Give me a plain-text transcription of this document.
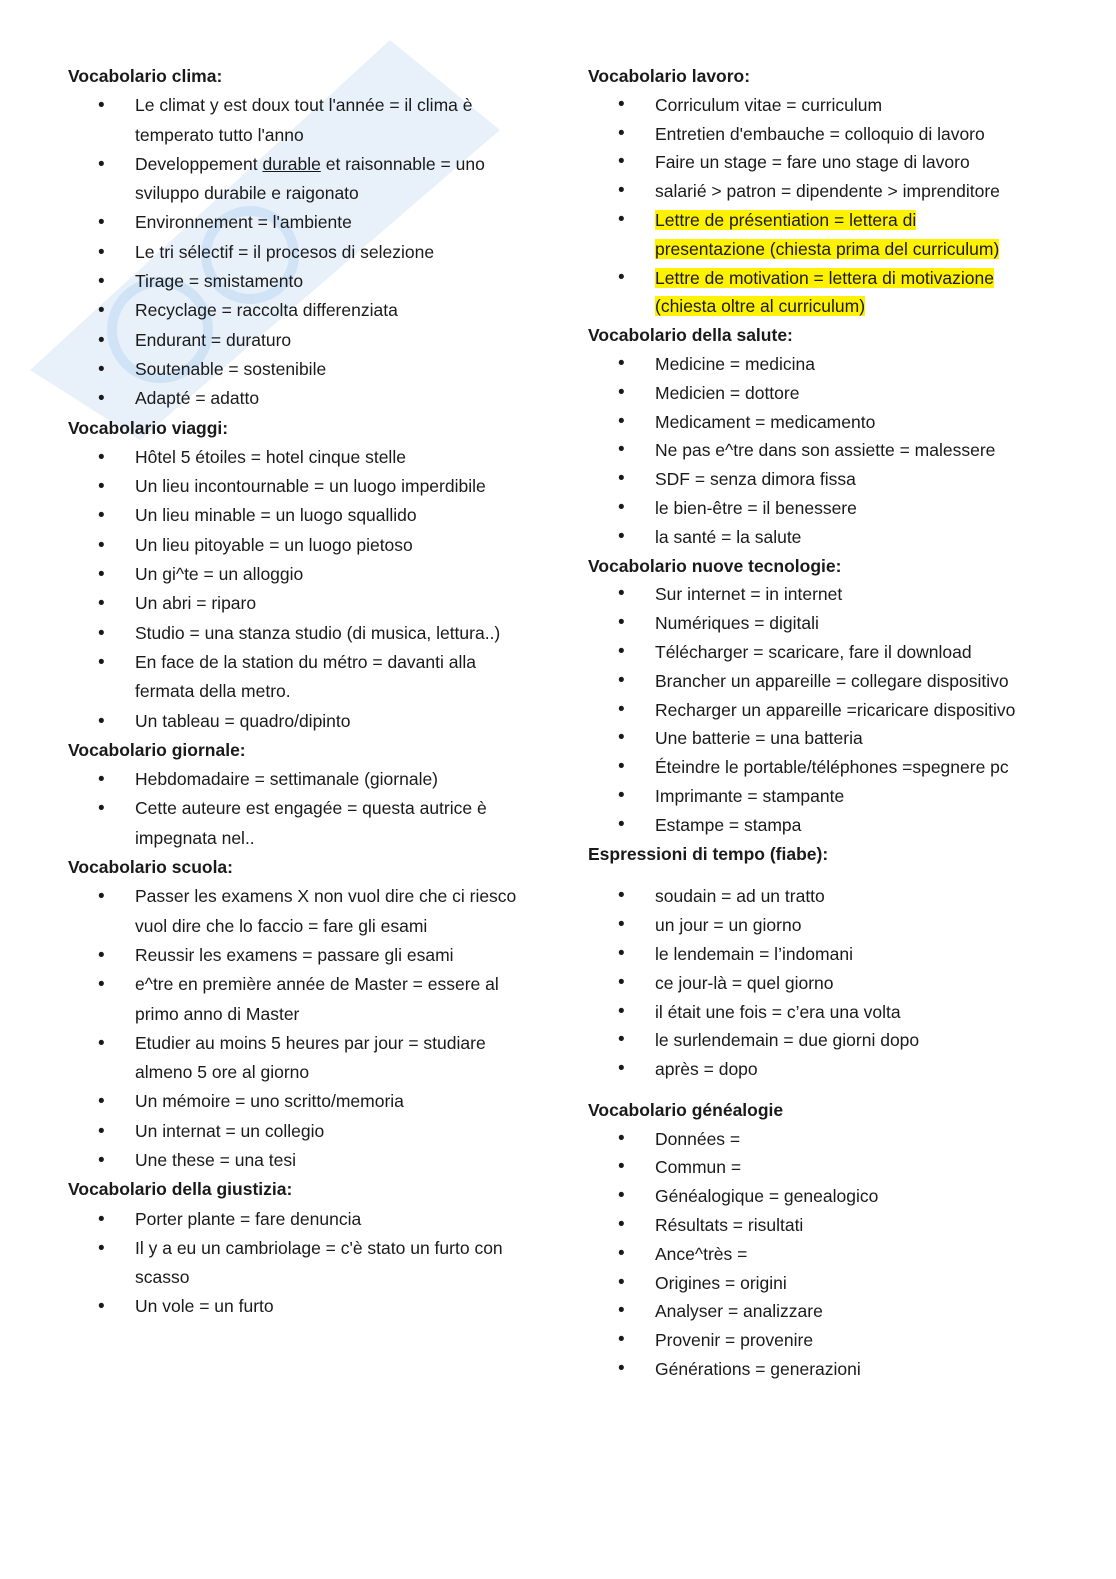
Vocabolario clima:

• Le climat y est doux tout l'année = il clima è temperato tutto l'anno
• Developpement durable et raisonnable = uno sviluppo durabile e raigonato
• Environnement = l'ambiente
• Le tri sélectif = il procesos di selezione
• Tirage = smistamento
• Recyclage = raccolta differenziata
• Endurant = duraturo
• Soutenable = sostenibile
• Adapté = adatto

Vocabolario viaggi:

• Hôtel 5 étoiles = hotel cinque stelle
• Un lieu incontournable = un luogo imperdibile
• Un lieu minable = un luogo squallido
• Un lieu pitoyable = un luogo pietoso
• Un gi^te = un alloggio
• Un abri = riparo
• Studio = una stanza studio (di musica, lettura..)
• En face de la station du métro = davanti alla fermata della metro.
• Un tableau = quadro/dipinto

Vocabolario giornale:

• Hebdomadaire = settimanale (giornale)
• Cette auteure est engagée = questa autrice è impegnata nel..

Vocabolario scuola:

• Passer les examens X non vuol dire che ci riesco vuol dire che lo faccio = fare gli esami
• Reussir les examens = passare gli esami
• e^tre en première année de Master = essere al primo anno di Master
• Etudier au moins 5 heures par jour = studiare almeno 5 ore al giorno
• Un mémoire = uno scritto/memoria
• Un internat = un collegio
• Une these = una tesi

Vocabolario della giustizia:

• Porter plante = fare denuncia
• Il y a eu un cambriolage = c'è stato un furto con scasso
• Un vole = un furto

Vocabolario lavoro:

• Corriculum vitae = curriculum
• Entretien d'embauche = colloquio di lavoro
• Faire un stage = fare uno stage di lavoro
• salarié > patron = dipendente > imprenditore
• Lettre de présentiation = lettera di
presentazione (chiesta prima del curriculum)
• Lettre de motivation = lettera di motivazione
(chiesta oltre al curriculum)

Vocabolario della salute:

• Medicine = medicina
• Medicien = dottore
• Medicament = medicamento
• Ne pas e^tre dans son assiette = malessere
• SDF = senza dimora fissa
• le bien-être = il benessere
• la santé = la salute

Vocabolario nuove tecnologie:

• Sur internet = in internet
• Numériques = digitali
• Télécharger = scaricare, fare il download
• Brancher un appareille = collegare dispositivo
• Recharger un appareille =ricaricare dispositivo
• Une batterie = una batteria
• Éteindre le portable/téléphones =spegnere pc
• Imprimante = stampante
• Estampe = stampa

Espressioni di tempo (fiabe):

• soudain = ad un tratto
• un jour = un giorno
• le lendemain = l’indomani
• ce jour-là = quel giorno
• il était une fois = c’era una volta
• le surlendemain = due giorni dopo
• après = dopo

Vocabolario généalogie

• Données =
• Commun =
• Généalogique = genealogico
• Résultats = risultati
• Ance^très =
• Origines = origini
• Analyser = analizzare
• Provenir = provenire
• Générations = generazioni
